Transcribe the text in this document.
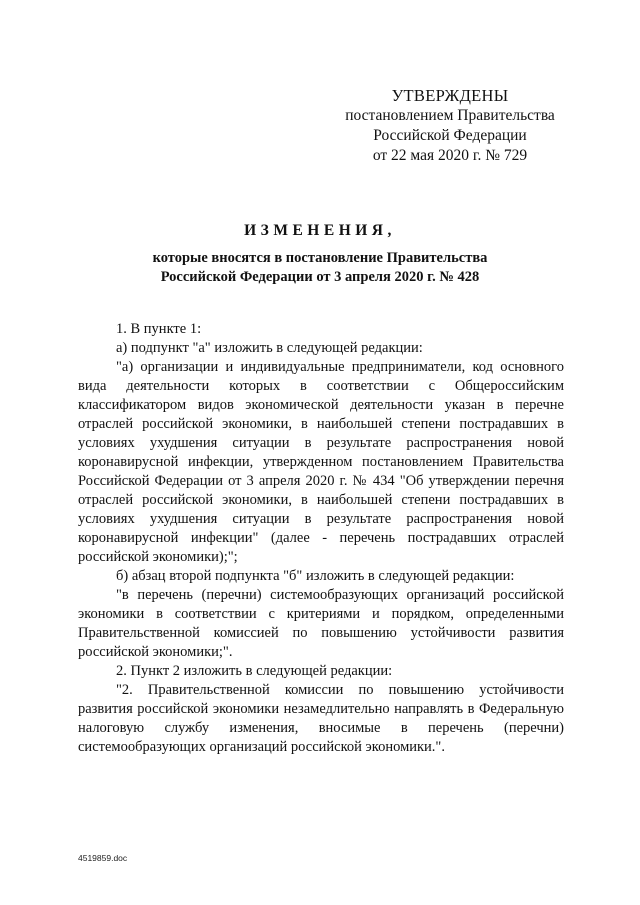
УТВЕРЖДЕНЫ
постановлением Правительства
Российской Федерации
от 22 мая 2020 г. № 729
ИЗМЕНЕНИЯ,
которые вносятся в постановление Правительства
Российской Федерации от 3 апреля 2020 г. № 428

1. В пункте 1:

а) подпункт "а" изложить в следующей редакции:

"а) организации и индивидуальные предприниматели, код основного вида деятельности которых в соответствии с Общероссийским классификатором видов экономической деятельности указан в перечне отраслей российской экономики, в наибольшей степени пострадавших в условиях ухудшения ситуации в результате распространения новой коронавирусной инфекции, утвержденном постановлением Правительства Российской Федерации от 3 апреля 2020 г. № 434 "Об утверждении перечня отраслей российской экономики, в наибольшей степени пострадавших в условиях ухудшения ситуации в результате распространения новой коронавирусной инфекции" (далее - перечень пострадавших отраслей российской экономики);";

б) абзац второй подпункта "б" изложить в следующей редакции:

"в перечень (перечни) системообразующих организаций российской экономики в соответствии с критериями и порядком, определенными Правительственной комиссией по повышению устойчивости развития российской экономики;".

2. Пункт 2 изложить в следующей редакции:

"2. Правительственной комиссии по повышению устойчивости развития российской экономики незамедлительно направлять в Федеральную налоговую службу изменения, вносимые в перечень (перечни) системообразующих организаций российской экономики.".

4519859.doc
